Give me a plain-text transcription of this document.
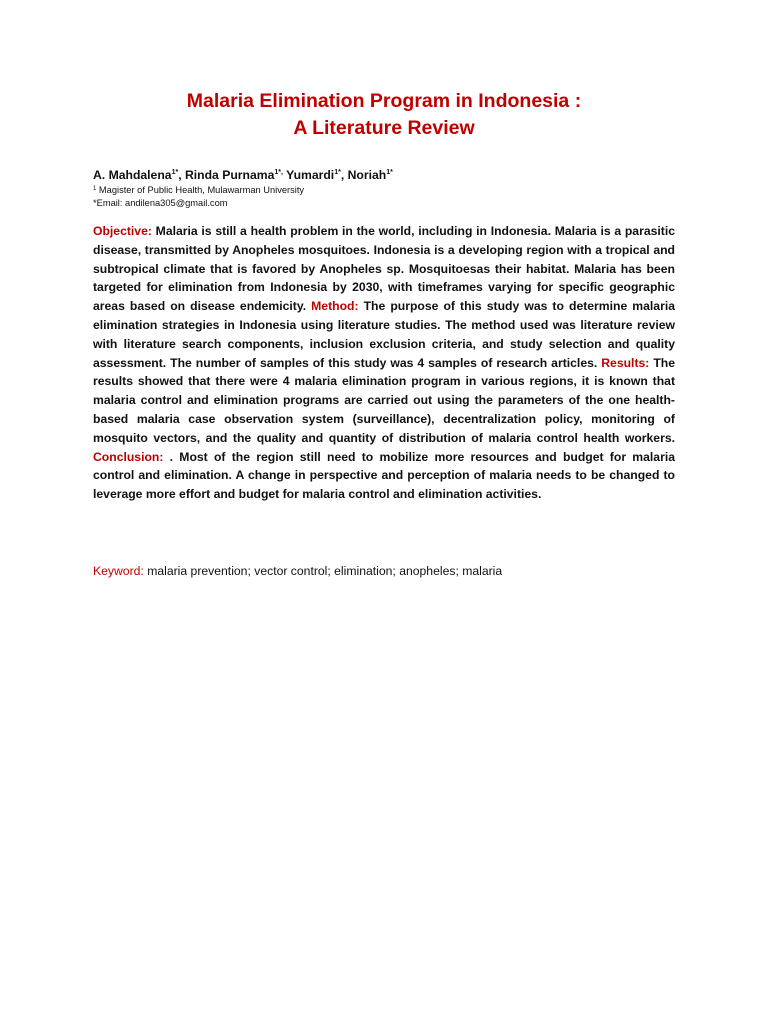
Malaria Elimination Program in Indonesia :
A Literature Review
A. Mahdalena$^{1*}$, Rinda Purnama$^{1*,}$ Yumardi$^{1*}$, Noriah$^{1*}$
$^1$ Magister of Public Health, Mulawarman University
*Email: andilena305@gmail.com

Objective: Malaria is still a health problem in the world, including in Indonesia. Malaria is a parasitic disease, transmitted by Anopheles mosquitoes. Indonesia is a developing region with a tropical and subtropical climate that is favored by Anopheles sp. Mosquitoesas their habitat. Malaria has been targeted for elimination from Indonesia by 2030, with timeframes varying for specific geographic areas based on disease endemicity. Method: The purpose of this study was to determine malaria elimination strategies in Indonesia using literature studies. The method used was literature review with literature search components, inclusion exclusion criteria, and study selection and quality assessment. The number of samples of this study was 4 samples of research articles. Results: The results showed that there were 4 malaria elimination program in various regions, it is known that malaria control and elimination programs are carried out using the parameters of the one health-based malaria case observation system (surveillance), decentralization policy, monitoring of mosquito vectors, and the quality and quantity of distribution of malaria control health workers. Conclusion: . Most of the region still need to mobilize more resources and budget for malaria control and elimination. A change in perspective and perception of malaria needs to be changed to leverage more effort and budget for malaria control and elimination activities.

Keyword: malaria prevention; vector control; elimination; anopheles; malaria
